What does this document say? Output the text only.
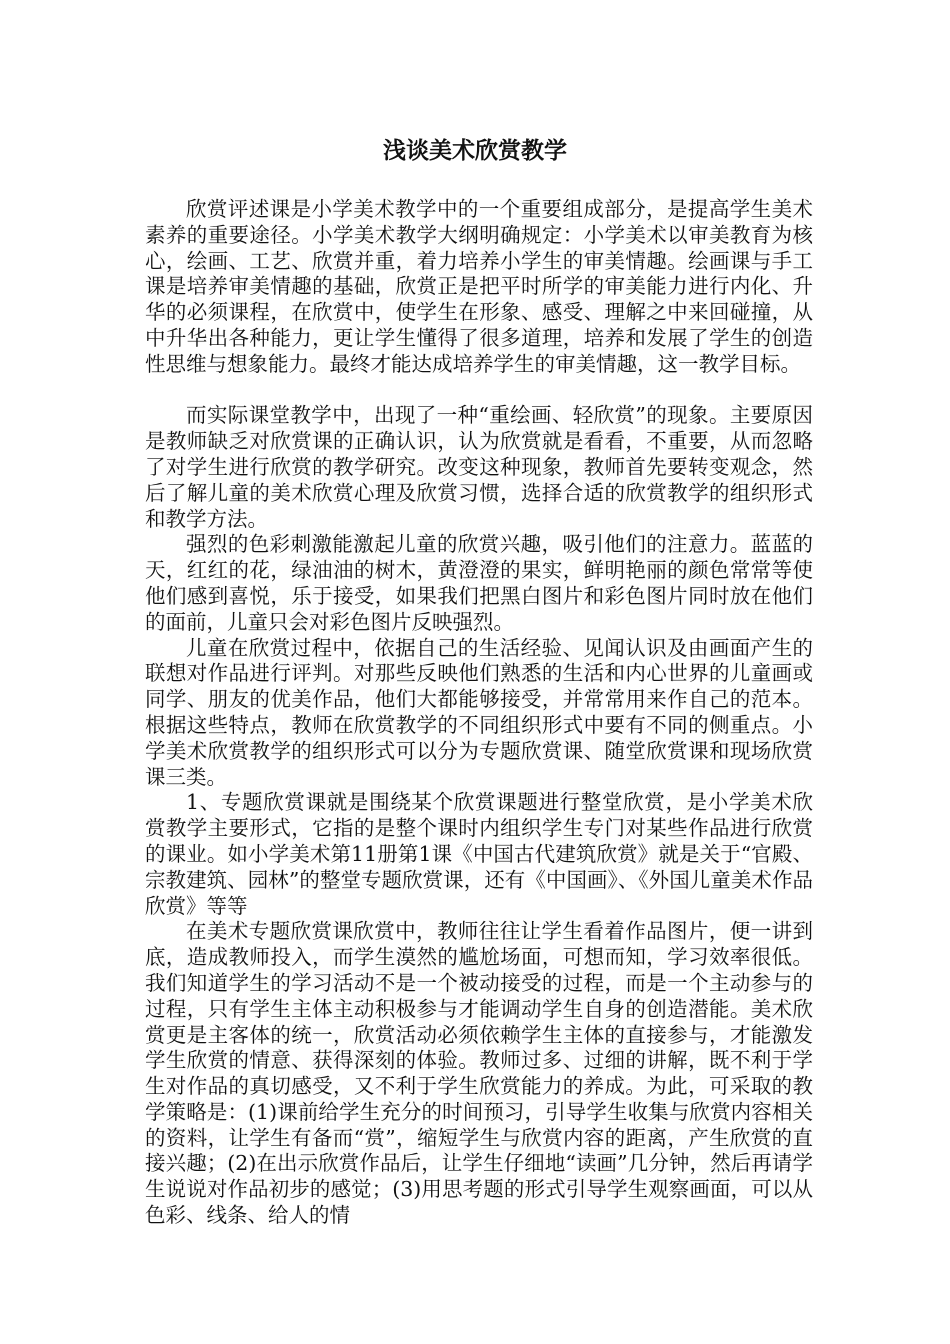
浅谈美术欣赏教学

欣赏评述课是小学美术教学中的一个重要组成部分，是提高学生美术素养的重要途径。小学美术教学大纲明确规定：小学美术以审美教育为核心，绘画、工艺、欣赏并重，着力培养小学生的审美情趣。绘画课与手工课是培养审美情趣的基础，欣赏正是把平时所学的审美能力进行内化、升华的必须课程，在欣赏中，使学生在形象、感受、理解之中来回碰撞，从中升华出各种能力，更让学生懂得了很多道理，培养和发展了学生的创造性思维与想象能力。最终才能达成培养学生的审美情趣，这一教学目标。

而实际课堂教学中，出现了一种“重绘画、轻欣赏”的现象。主要原因是教师缺乏对欣赏课的正确认识，认为欣赏就是看看，不重要，从而忽略了对学生进行欣赏的教学研究。改变这种现象，教师首先要转变观念，然后了解儿童的美术欣赏心理及欣赏习惯，选择合适的欣赏教学的组织形式和教学方法。

强烈的色彩刺激能激起儿童的欣赏兴趣，吸引他们的注意力。蓝蓝的天，红红的花，绿油油的树木，黄澄澄的果实，鲜明艳丽的颜色常常等使他们感到喜悦，乐于接受，如果我们把黑白图片和彩色图片同时放在他们的面前，儿童只会对彩色图片反映强烈。

儿童在欣赏过程中，依据自己的生活经验、见闻认识及由画面产生的联想对作品进行评判。对那些反映他们熟悉的生活和内心世界的儿童画或同学、朋友的优美作品，他们大都能够接受，并常常用来作自己的范本。根据这些特点，教师在欣赏教学的不同组织形式中要有不同的侧重点。小学美术欣赏教学的组织形式可以分为专题欣赏课、随堂欣赏课和现场欣赏课三类。

1、专题欣赏课就是围绕某个欣赏课题进行整堂欣赏，是小学美术欣赏教学主要形式，它指的是整个课时内组织学生专门对某些作品进行欣赏的课业。如小学美术第11册第1课《中国古代建筑欣赏》就是关于“官殿、宗教建筑、园林”的整堂专题欣赏课，还有《中国画》、《外国儿童美术作品欣赏》等等

在美术专题欣赏课欣赏中，教师往往让学生看着作品图片，便一讲到底，造成教师投入，而学生漠然的尴尬场面，可想而知，学习效率很低。我们知道学生的学习活动不是一个被动接受的过程，而是一个主动参与的过程，只有学生主体主动积极参与才能调动学生自身的创造潜能。美术欣赏更是主客体的统一，欣赏活动必须依赖学生主体的直接参与，才能激发学生欣赏的情意、获得深刻的体验。教师过多、过细的讲解，既不利于学生对作品的真切感受，又不利于学生欣赏能力的养成。为此，可采取的教学策略是：(1)课前给学生充分的时间预习，引导学生收集与欣赏内容相关的资料，让学生有备而“赏”，缩短学生与欣赏内容的距离，产生欣赏的直接兴趣；(2)在出示欣赏作品后，让学生仔细地“读画”几分钟，然后再请学生说说对作品初步的感觉；(3)用思考题的形式引导学生观察画面，可以从色彩、线条、给人的情
